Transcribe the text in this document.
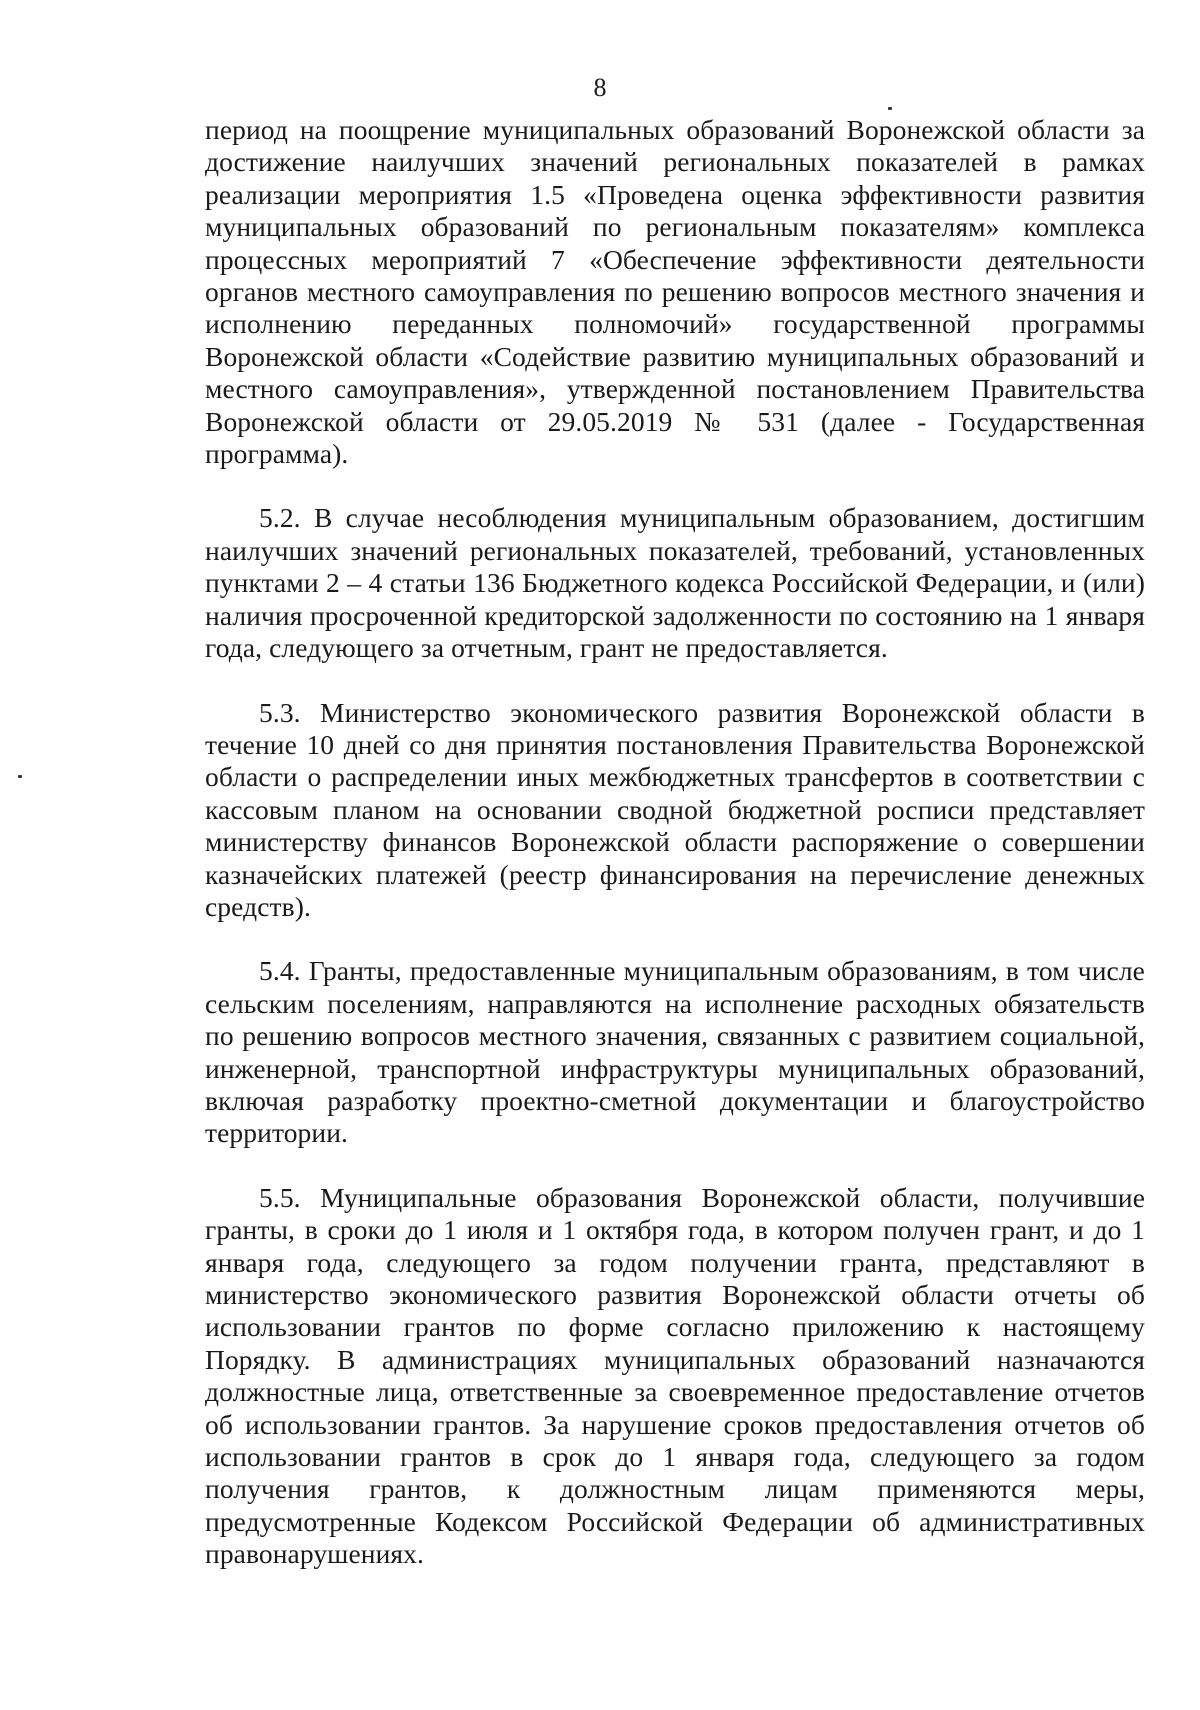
8

период на поощрение муниципальных образований Воронежской области за достижение наилучших значений региональных показателей в рамках реализации мероприятия 1.5 «Проведена оценка эффективности развития муниципальных образований по региональным показателям» комплекса процессных мероприятий 7 «Обеспечение эффективности деятельности органов местного самоуправления по решению вопросов местного значения и исполнению переданных полномочий» государственной программы Воронежской области «Содействие развитию муниципальных образований и местного самоуправления», утвержденной постановлением Правительства Воронежской области от 29.05.2019 № 531 (далее - Государственная программа).

5.2. В случае несоблюдения муниципальным образованием, достигшим наилучших значений региональных показателей, требований, установленных пунктами 2 – 4 статьи 136 Бюджетного кодекса Российской Федерации, и (или) наличия просроченной кредиторской задолженности по состоянию на 1 января года, следующего за отчетным, грант не предоставляется.

5.3. Министерство экономического развития Воронежской области в течение 10 дней со дня принятия постановления Правительства Воронежской области о распределении иных межбюджетных трансфертов в соответствии с кассовым планом на основании сводной бюджетной росписи представляет министерству финансов Воронежской области распоряжение о совершении казначейских платежей (реестр финансирования на перечисление денежных средств).

5.4. Гранты, предоставленные муниципальным образованиям, в том числе сельским поселениям, направляются на исполнение расходных обязательств по решению вопросов местного значения, связанных с развитием социальной, инженерной, транспортной инфраструктуры муниципальных образований, включая разработку проектно-сметной документации и благоустройство территории.

5.5. Муниципальные образования Воронежской области, получившие гранты, в сроки до 1 июля и 1 октября года, в котором получен грант, и до 1 января года, следующего за годом получении гранта, представляют в министерство экономического развития Воронежской области отчеты об использовании грантов по форме согласно приложению к настоящему Порядку. В администрациях муниципальных образований назначаются должностные лица, ответственные за своевременное предоставление отчетов об использовании грантов. За нарушение сроков предоставления отчетов об использовании грантов в срок до 1 января года, следующего за годом получения грантов, к должностным лицам применяются меры, предусмотренные Кодексом Российской Федерации об административных правонарушениях.
